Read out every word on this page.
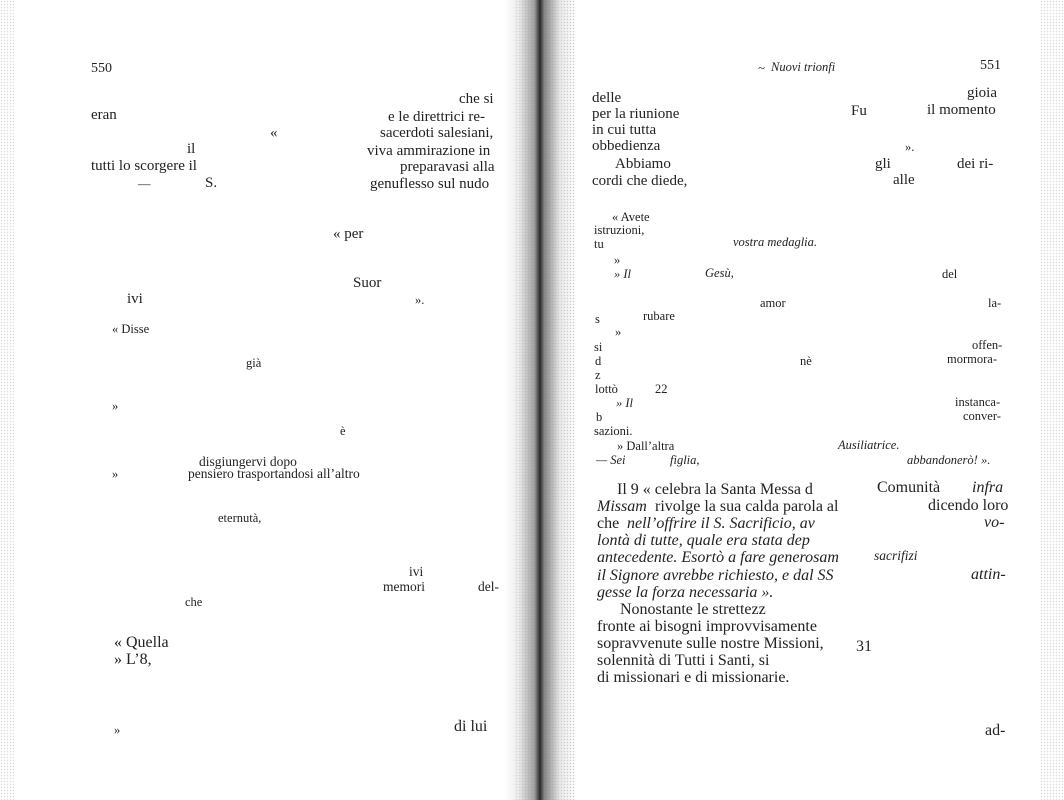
550
che si
eran	e le direttrici re-
«	sacerdoti salesiani,
il	viva ammirazione in
tutti lo scorgere il	preparavasi alla
—	S.	genuflesso sul nudo
« per
Suor
ivi	».
« Disse
già
»
è
disgiungervi dopo
»	pensiero trasportandosi all’altro
eternutà,
ivi
memori	del-
che
« Quella
» L’8,
»	di lui
~ Nuovi trionfi	551
gioia
delle
per la riunione	Fu	il momento
in cui tutta
obbedienza	».
Abbiamo	gli	dei ri-
cordi che diede,	alle
« Avete
istruzioni,
tu	vostra medaglia.
»
» Il	Gesù,	del
amor	la-
s	rubare
»
offen-
si
d	nè	mormora-
z
lottò	22
» Il	instanca-
b	conver-
sazioni.
» Dall’altra	Ausiliatrice.
— Sei	figlia,	abbandonerò! ».
Il 9 « celebra la Santa Messa d	Comunità infra
Missam rivolge la sua calda parola al	dicendo loro
che nell’offrire il S. Sacrificio, av	vo-
lontà di tutte, quale era stata dep
antecedente. Esortò a fare generosam	sacrifizi
il Signore avrebbe richiesto, e dal SS	attin-
gesse la forza necessaria ».
Nonostante le strettezz
fronte ai bisogni improvvisamente
sopravvenute sulle nostre Missioni, 31
solennità di Tutti i Santi, si
di missionari e di missionarie.
ad-
